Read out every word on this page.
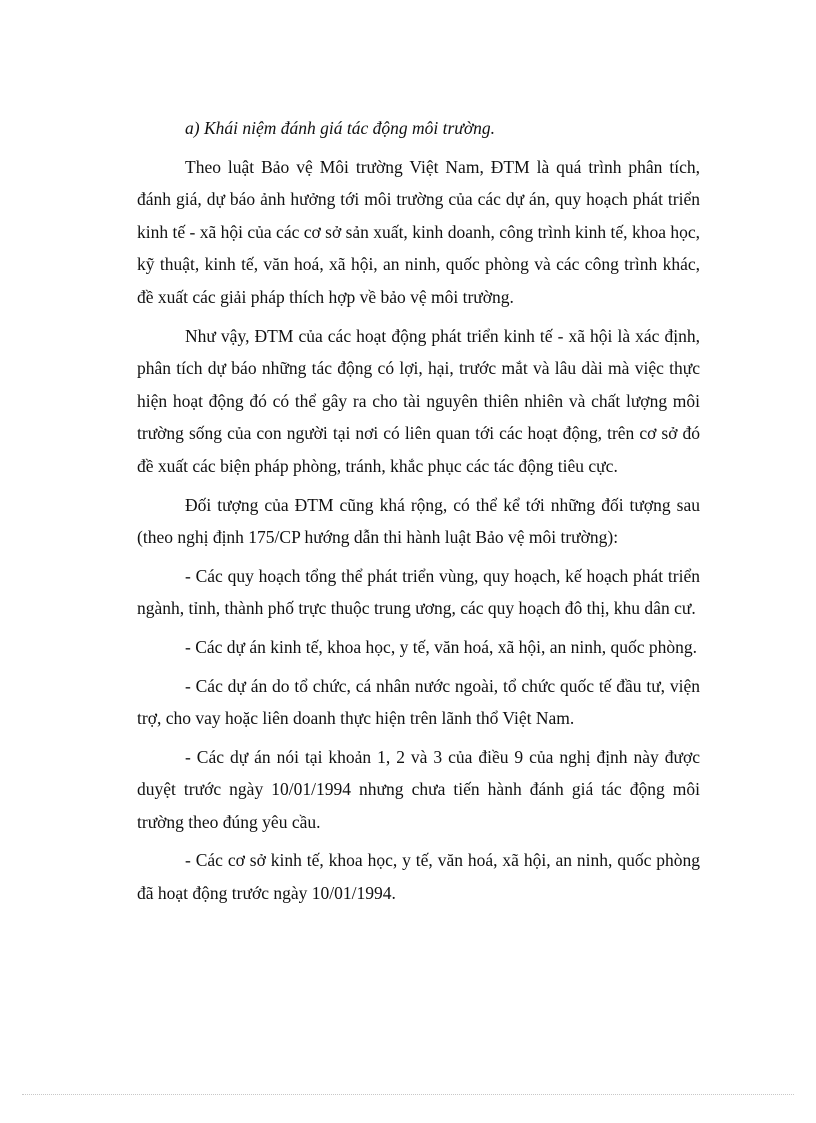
a) Khái niệm đánh giá tác động môi trường.

Theo luật Bảo vệ Môi trường Việt Nam, ĐTM là quá trình phân tích, đánh giá, dự báo ảnh hưởng tới môi trường của các dự án, quy hoạch phát triển kinh tế - xã hội của các cơ sở sản xuất, kinh doanh, công trình kinh tế, khoa học, kỹ thuật, kinh tế, văn hoá, xã hội, an ninh, quốc phòng và các công trình khác, đề xuất các giải pháp thích hợp về bảo vệ môi trường.

Như vậy, ĐTM của các hoạt động phát triển kinh tế - xã hội là xác định, phân tích dự báo những tác động có lợi, hại, trước mắt và lâu dài mà việc thực hiện hoạt động đó có thể gây ra cho tài nguyên thiên nhiên và chất lượng môi trường sống của con người tại nơi có liên quan tới các hoạt động, trên cơ sở đó đề xuất các biện pháp phòng, tránh, khắc phục các tác động tiêu cực.

Đối tượng của ĐTM cũng khá rộng, có thể kể tới những đối tượng sau (theo nghị định 175/CP hướng dẫn thi hành luật Bảo vệ môi trường):

- Các quy hoạch tổng thể phát triển vùng, quy hoạch, kế hoạch phát triển ngành, tỉnh, thành phố trực thuộc trung ương, các quy hoạch đô thị, khu dân cư.

- Các dự án kinh tế, khoa học, y tế, văn hoá, xã hội, an ninh, quốc phòng.

- Các dự án do tổ chức, cá nhân nước ngoài, tổ chức quốc tế đầu tư, viện trợ, cho vay hoặc liên doanh thực hiện trên lãnh thổ Việt Nam.

- Các dự án nói tại khoản 1, 2 và 3 của điều 9 của nghị định này được duyệt trước ngày 10/01/1994 nhưng chưa tiến hành đánh giá tác động môi trường theo đúng yêu cầu.

- Các cơ sở kinh tế, khoa học, y tế, văn hoá, xã hội, an ninh, quốc phòng đã hoạt động trước ngày 10/01/1994.
